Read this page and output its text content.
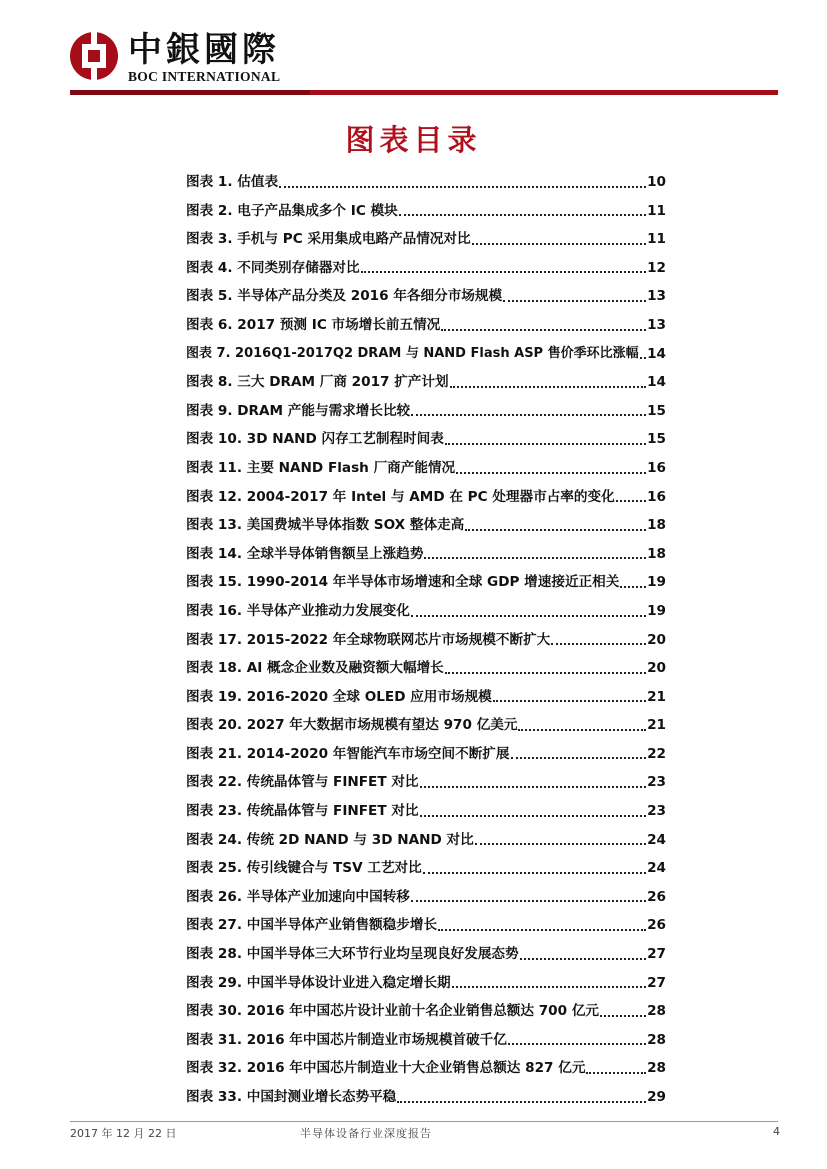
中銀國際
BOC INTERNATIONAL
图表目录
图表 1. 估值表	10
图表 2. 电子产品集成多个 IC 模块	11
图表 3. 手机与 PC 采用集成电路产品情况对比	11
图表 4. 不同类别存储器对比	12
图表 5. 半导体产品分类及 2016 年各细分市场规模	13
图表 6. 2017 预测 IC 市场增长前五情况	13
图表 7. 2016Q1-2017Q2 DRAM 与 NAND Flash ASP 售价季环比涨幅 14
图表 8. 三大 DRAM 厂商 2017 扩产计划	14
图表 9. DRAM 产能与需求增长比较	15
图表 10. 3D NAND 闪存工艺制程时间表	15
图表 11. 主要 NAND Flash 厂商产能情况	16
图表 12. 2004-2017 年 Intel 与 AMD 在 PC 处理器市占率的变化 16
图表 13. 美国费城半导体指数 SOX 整体走高	18
图表 14. 全球半导体销售额呈上涨趋势	18
图表 15. 1990-2014 年半导体市场增速和全球 GDP 增速接近正相关 19
图表 16. 半导体产业推动力发展变化	19
图表 17. 2015-2022 年全球物联网芯片市场规模不断扩大	20
图表 18. AI 概念企业数及融资额大幅增长	20
图表 19. 2016-2020 全球 OLED 应用市场规模	21
图表 20. 2027 年大数据市场规模有望达 970 亿美元	21
图表 21. 2014-2020 年智能汽车市场空间不断扩展	22
图表 22. 传统晶体管与 FINFET 对比	23
图表 23. 传统晶体管与 FINFET 对比	23
图表 24. 传统 2D NAND 与 3D NAND 对比	24
图表 25. 传引线键合与 TSV 工艺对比	24
图表 26. 半导体产业加速向中国转移	26
图表 27. 中国半导体产业销售额稳步增长	26
图表 28. 中国半导体三大环节行业均呈现良好发展态势	27
图表 29. 中国半导体设计业进入稳定增长期	27
图表 30. 2016 年中国芯片设计业前十名企业销售总额达 700 亿元	28
图表 31. 2016 年中国芯片制造业市场规模首破千亿	28
图表 32. 2016 年中国芯片制造业十大企业销售总额达 827 亿元	28
图表 33. 中国封测业增长态势平稳	29
2017 年 12 月 22 日	半导体设备行业深度报告	4
